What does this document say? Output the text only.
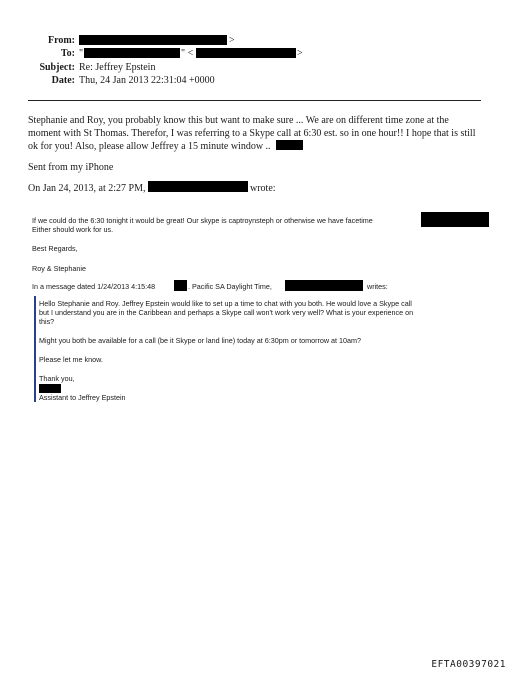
From:	>
To: "	" <	>
Subject: Re: Jeffrey Epstein
Date: Thu, 24 Jan 2013 22:31:04 +0000
Stephanie and Roy, you probably know this but want to make sure ... We are on different time zone at the
moment with St Thomas. Therefor, I was referring to a Skype call at 6:30 est. so in one hour!! I hope that is still
ok for you! Also, please allow Jeffrey a 15 minute window ..
Sent from my iPhone
On Jan 24, 2013, at 2:27 PM,	wrote:
If we could do the 6:30 tonight it would be great! Our skype is captroynsteph or otherwise we have facetime
Either should work for us.
Best Regards,
Roy & Stephanie
In a message dated 1/24/2013 4:15:48	. Pacific SA Daylight Time,	writes:
Hello Stephanie and Roy. Jeffrey Epstein would like to set up a time to chat with you both. He would love a Skype call
but I understand you are in the Caribbean and perhaps a Skype call won't work very well? What is your experience on
this?
Might you both be available for a call (be it Skype or land line) today at 6:30pm or tomorrow at 10am?
Please let me know.
Thank you,
Assistant to Jeffrey Epstein
EFTA00397021
